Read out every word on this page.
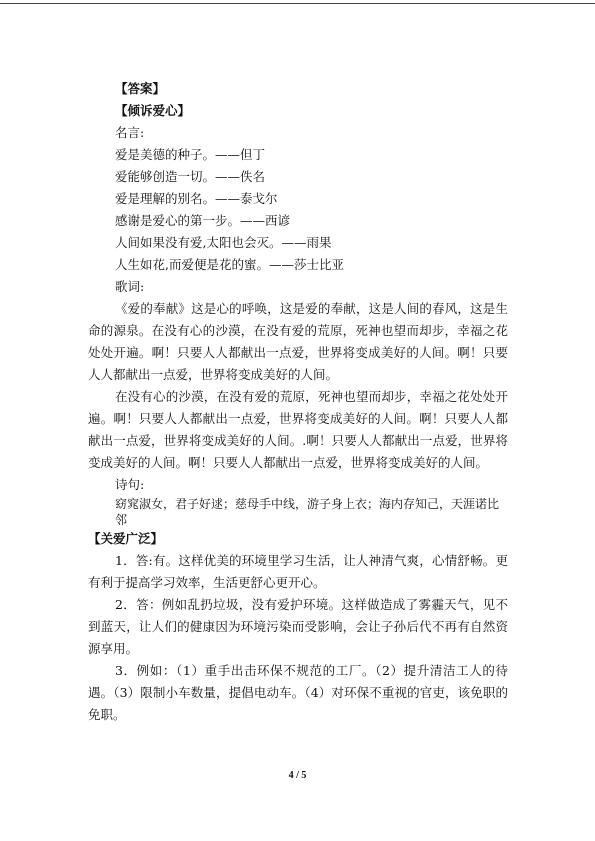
【答案】
【倾诉爱心】
名言:
爱是美德的种子。——但丁
爱能够创造一切。——佚名
爱是理解的别名。——泰戈尔
感谢是爱心的第一步。——西谚
人间如果没有爱,太阳也会灭。——雨果
人生如花,而爱便是花的蜜。——莎士比亚
歌词:
《爱的奉献》这是心的呼唤，这是爱的奉献，这是人间的春风，这是生命的源泉。在没有心的沙漠，在没有爱的荒原，死神也望而却步，幸福之花处处开遍。啊！只要人人都献出一点爱，世界将变成美好的人间。啊！只要人人都献出一点爱，世界将变成美好的人间。
在没有心的沙漠，在没有爱的荒原，死神也望而却步，幸福之花处处开遍。啊！只要人人都献出一点爱，世界将变成美好的人间。啊！只要人人都献出一点爱，世界将变成美好的人间。.啊！只要人人都献出一点爱，世界将变成美好的人间。啊！只要人人都献出一点爱，世界将变成美好的人间。
诗句:
窈窕淑女，君子好逑；慈母手中线，游子身上衣；海内存知己，天涯诺比邻
【关爱广泛】
1．答:有。这样优美的环境里学习生活，让人神清气爽，心情舒畅。更有利于提高学习效率，生活更舒心更开心。
2．答：例如乱扔垃圾，没有爱护环境。这样做造成了雾霾天气，见不到蓝天，让人们的健康因为环境污染而受影响，会让子孙后代不再有自然资源享用。
3．例如：（1）重手出击环保不规范的工厂。（2）提升清洁工人的待遇。（3）限制小车数量，提倡电动车。（4）对环保不重视的官吏，该免职的免职。
4 / 5
